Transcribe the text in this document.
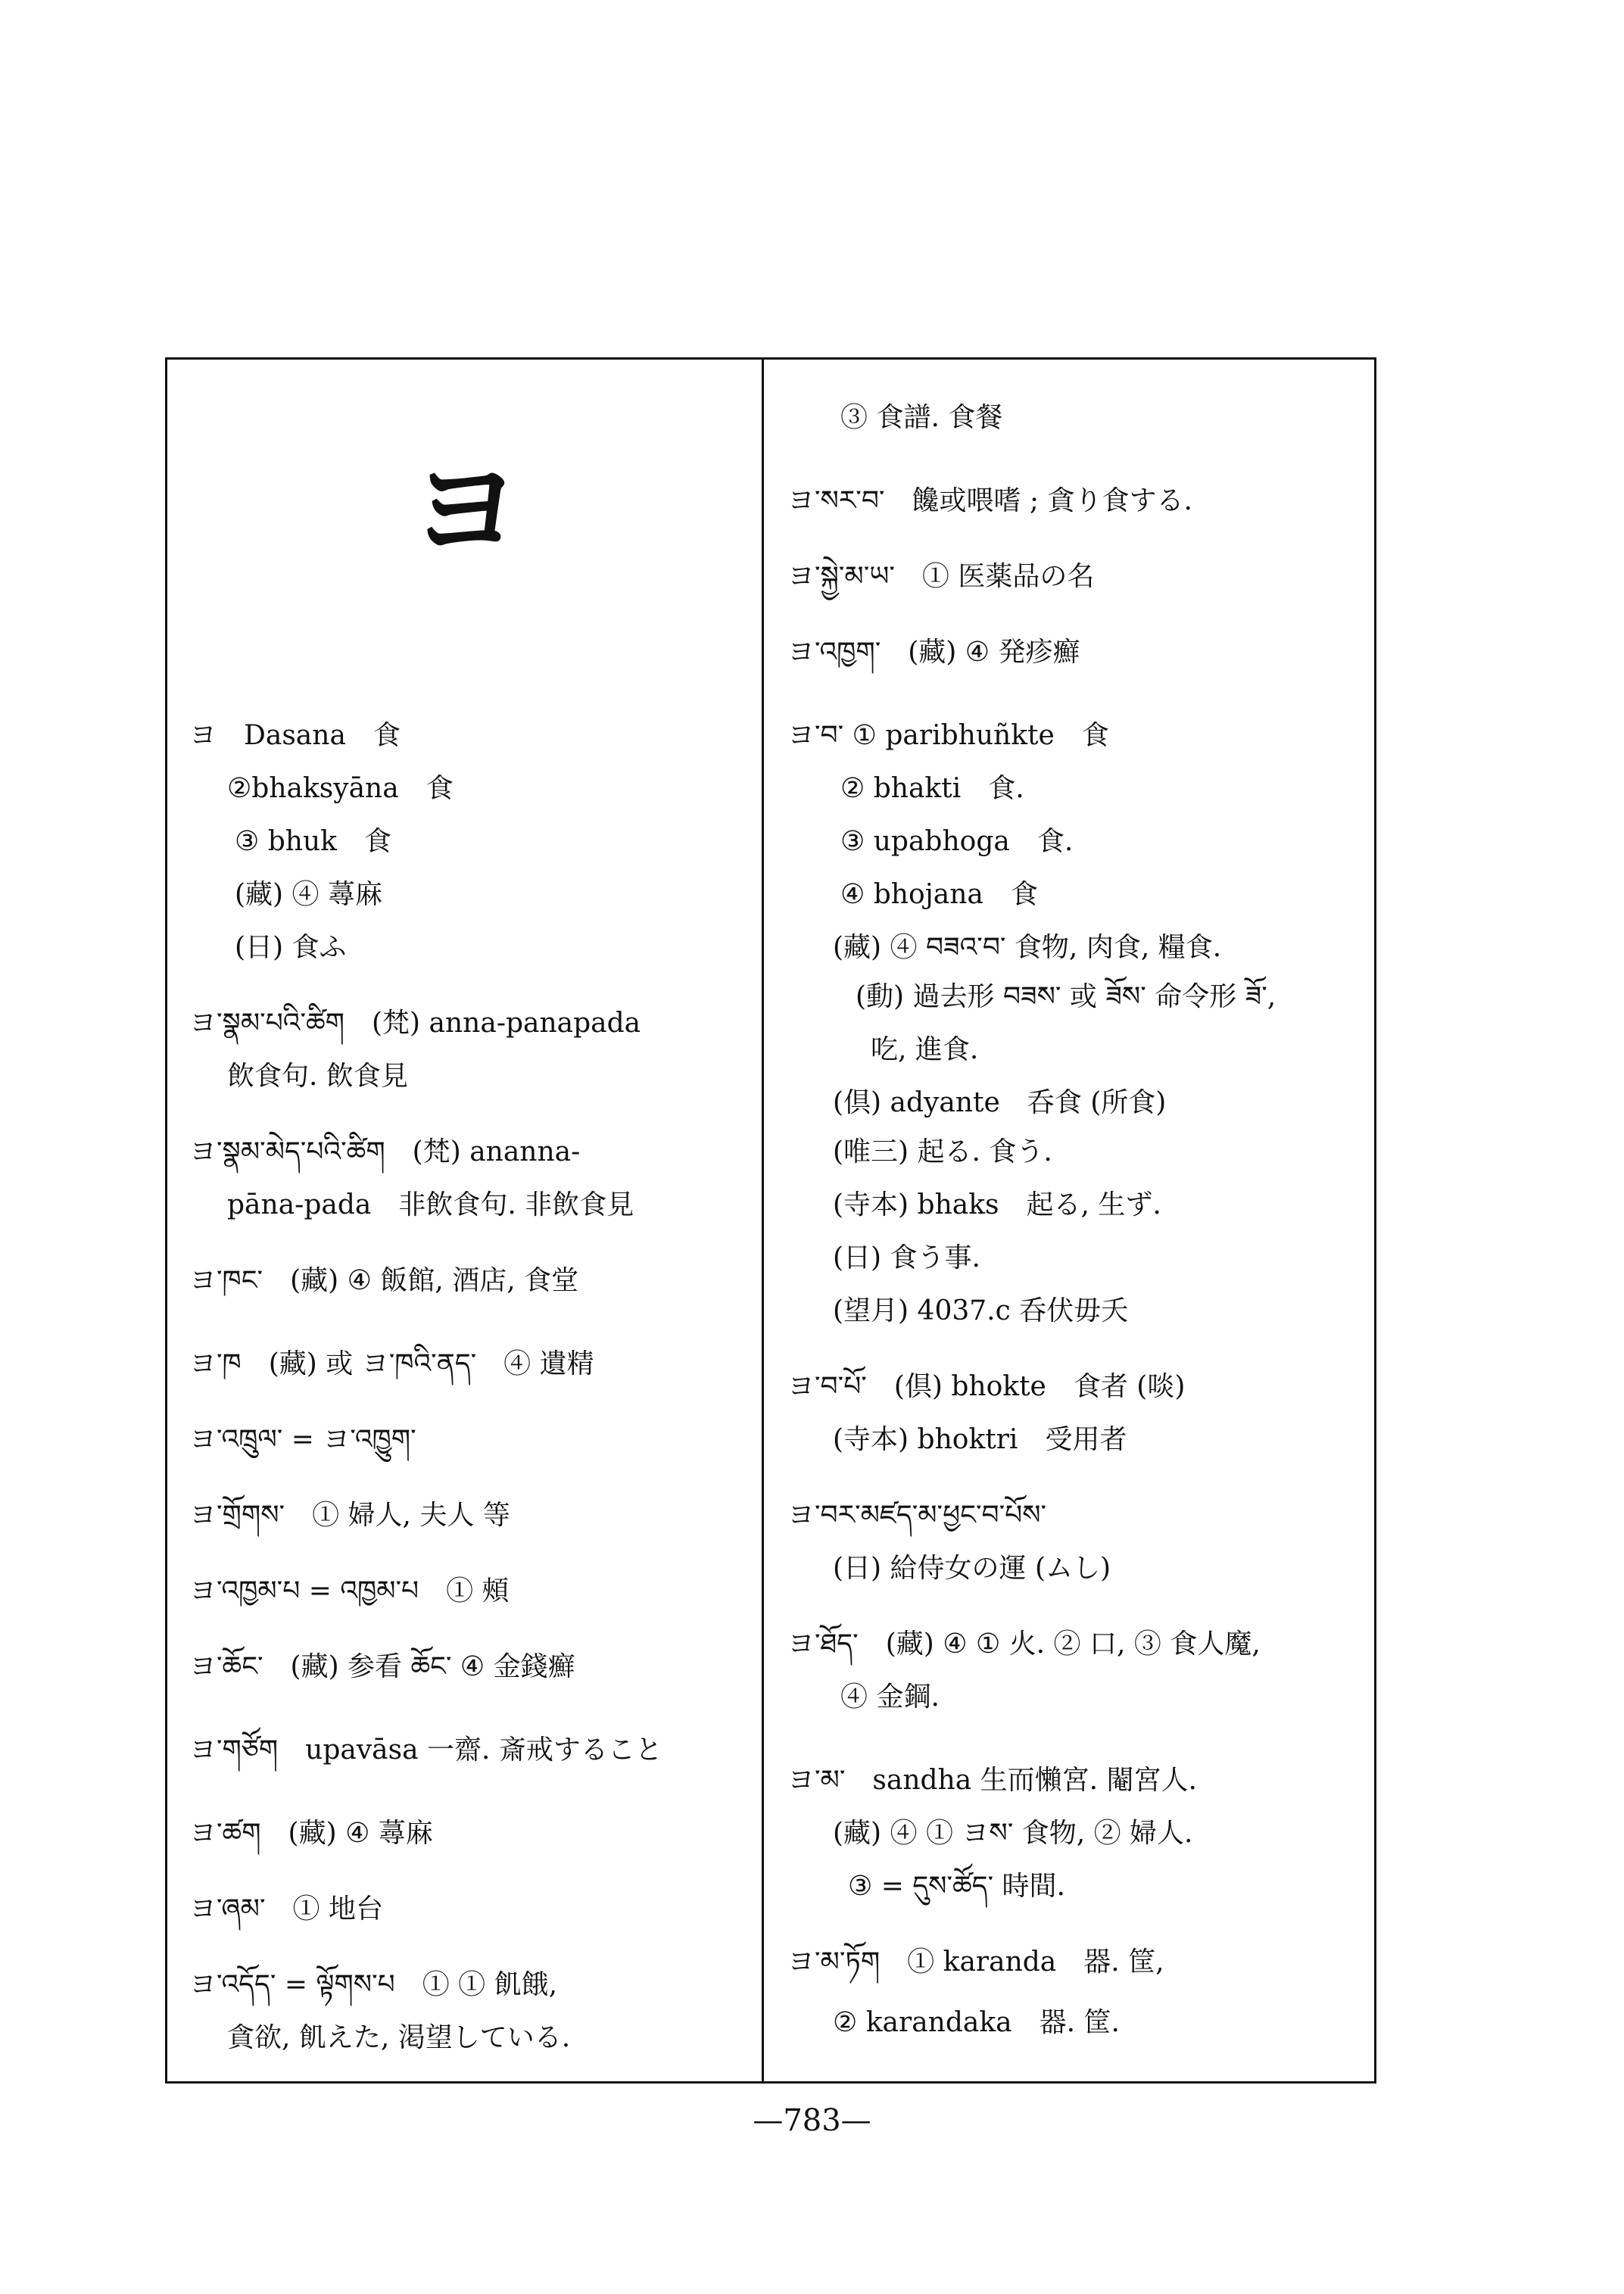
ヨ
ヨ　Dasana　食
②bhaksyāna　食
③ bhuk　食
(藏) ④ 蕁麻
(日) 食ふ
ヨ་སྣམ་པའི་ཚིག　(梵) anna-panapada
飲食句. 飲食見
ヨ་སྣམ་མེད་པའི་ཚིག　(梵) ananna-
pāna-pada　非飲食句. 非飲食見
ヨ་ཁང་　(藏) ④ 飯館, 酒店, 食堂
ヨ་ཁ　(藏) 或 ヨ་ཁའི་ནད་　④ 遺精
ヨ་འཁྲུལ་ = ヨ་འཁྱུག་
ヨ་གྲོགས་　① 婦人, 夫人 等
ヨ་འཁྱམ་པ = འཁྱམ་པ　① 頰
ヨ་ཆོང་　(藏) 参看 ཆོང་ ④ 金錢癬
ヨ་གཙོག　upavāsa 一齋. 斎戒すること
ヨ་ཚག　(藏) ④ 蕁麻
ヨ་ཞམ་　① 地台
ヨ་འདོད་ = ལྟོགས་པ　① ① 飢餓,
貪欲, 飢えた, 渇望している.
③ 食譜. 食餐
ヨ་སར་བ་　饞或喂嗜 ; 貪り食する.
ヨ་སྐྱེ་མ་ཡ་　① 医薬品の名
ヨ་འཁྱག་　(藏) ④ 発疹癬
ヨ་བ་ ① paribhuñkte　食
② bhakti　食.
③ upabhoga　食.
④ bhojana　食
(藏) ④ བཟའ་བ་ 食物, 肉食, 糧食.
(動) 過去形 བཟས་ 或 ཟོས་ 命令形 ཟོ་,
吃, 進食.
(倶) adyante　呑食 (所食)
(唯三) 起る. 食う.
(寺本) bhaks　起る, 生ず.
(日) 食う事.
(望月) 4037.c 呑伏毋夭
ヨ་བ་པོ་　(倶) bhokte　食者 (啖)
(寺本) bhoktri　受用者
ヨ་བར་མཛད་མ་ཕྱང་བ་པོས་　
(日) 給侍女の運 (ムし)
ヨ་ཐོད་　(藏) ④ ① 火. ② 口, ③ 食人魔,
④ 金鋼.
ヨ་མ་　sandha 生而懶宮. 閹宮人.
(藏) ④ ① ヨས་ 食物, ② 婦人.
③ = དུས་ཚོད་ 時間.
ヨ་མ་ཏོག　① karanda　器. 筐,
② karandaka　器. 筐.
—783—
